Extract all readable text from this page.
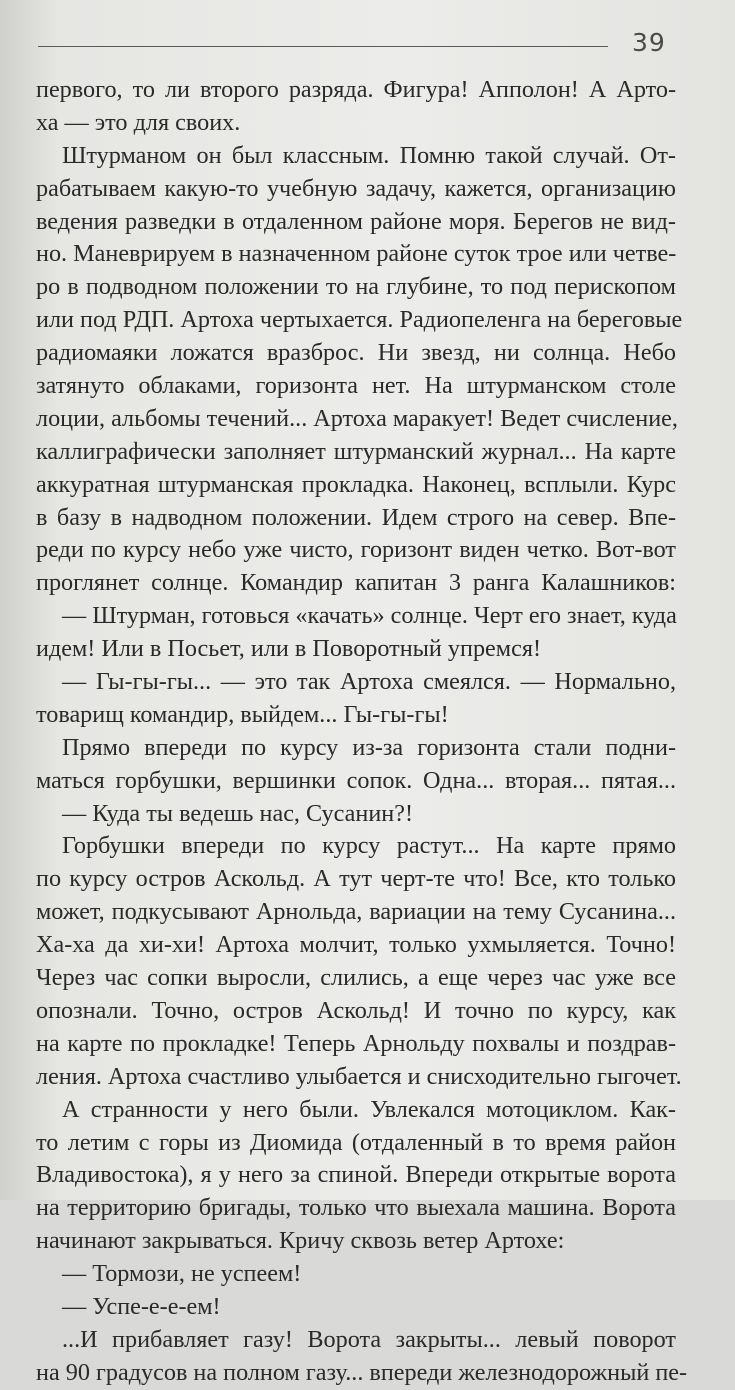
39
первого, то ли второго разряда. Фигура! Апполон! А Арто-
ха — это для своих.
Штурманом он был классным. Помню такой случай. От-
рабатываем какую-то учебную задачу, кажется, организацию
ведения разведки в отдаленном районе моря. Берегов не вид-
но. Маневрируем в назначенном районе суток трое или четве-
ро в подводном положении то на глубине, то под перископом
или под РДП. Артоха чертыхается. Радиопеленга на береговые
радиомаяки ложатся вразброс. Ни звезд, ни солнца. Небо
затянуто облаками, горизонта нет. На штурманском столе
лоции, альбомы течений... Артоха маракует! Ведет счисление,
каллиграфически заполняет штурманский журнал... На карте
аккуратная штурманская прокладка. Наконец, всплыли. Курс
в базу в надводном положении. Идем строго на север. Впе-
реди по курсу небо уже чисто, горизонт виден четко. Вот-вот
проглянет солнце. Командир капитан 3 ранга Калашников:
— Штурман, готовься «качать» солнце. Черт его знает, куда
идем! Или в Посьет, или в Поворотный упремся!
— Гы-гы-гы... — это так Артоха смеялся. — Нормально,
товарищ командир, выйдем... Гы-гы-гы!
Прямо впереди по курсу из-за горизонта стали подни-
маться горбушки, вершинки сопок. Одна... вторая... пятая...
— Куда ты ведешь нас, Сусанин?!
Горбушки впереди по курсу растут... На карте прямо
по курсу остров Аскольд. А тут черт-те что! Все, кто только
может, подкусывают Арнольда, вариации на тему Сусанина...
Ха-ха да хи-хи! Артоха молчит, только ухмыляется. Точно!
Через час сопки выросли, слились, а еще через час уже все
опознали. Точно, остров Аскольд! И точно по курсу, как
на карте по прокладке! Теперь Арнольду похвалы и поздрав-
ления. Артоха счастливо улыбается и снисходительно гыгочет.
А странности у него были. Увлекался мотоциклом. Как-
то летим с горы из Диомида (отдаленный в то время район
Владивостока), я у него за спиной. Впереди открытые ворота
на территорию бригады, только что выехала машина. Ворота
начинают закрываться. Кричу сквозь ветер Артохе:
— Тормози, не успеем!
— Успе-е-е-ем!
...И прибавляет газу! Ворота закрыты... левый поворот
на 90 градусов на полном газу... впереди железнодорожный пе-
